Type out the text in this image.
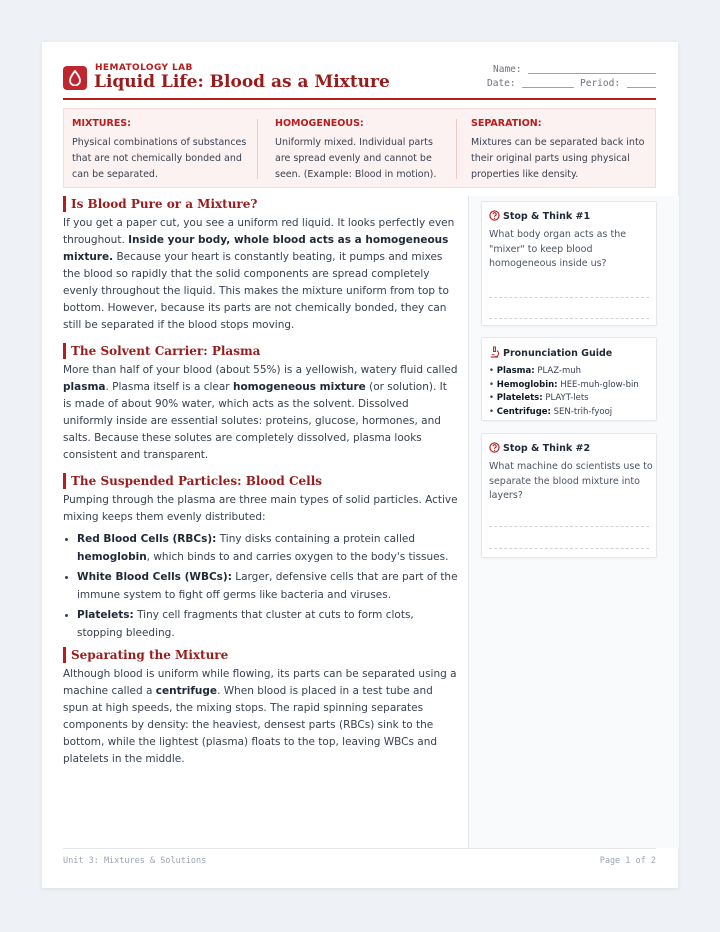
HEMATOLOGY LAB
Liquid Life: Blood as a Mixture
Name:
Date:	Period:
MIXTURES:
Physical combinations of substances that are not chemically bonded and can be separated.
HOMOGENEOUS:
Uniformly mixed. Individual parts are spread evenly and cannot be seen. (Example: Blood in motion).
SEPARATION:
Mixtures can be separated back into their original parts using physical properties like density.
Is Blood Pure or a Mixture?

If you get a paper cut, you see a uniform red liquid. It looks perfectly even throughout. Inside your body, whole blood acts as a homogeneous mixture. Because your heart is constantly beating, it pumps and mixes the blood so rapidly that the solid components are spread completely evenly throughout the liquid. This makes the mixture uniform from top to bottom. However, because its parts are not chemically bonded, they can still be separated if the blood stops moving.

The Solvent Carrier: Plasma

More than half of your blood (about 55%) is a yellowish, watery fluid called plasma. Plasma itself is a clear homogeneous mixture (or solution). It is made of about 90% water, which acts as the solvent. Dissolved uniformly inside are essential solutes: proteins, glucose, hormones, and salts. Because these solutes are completely dissolved, plasma looks consistent and transparent.

The Suspended Particles: Blood Cells

Pumping through the plasma are three main types of solid particles. Active mixing keeps them evenly distributed:

• Red Blood Cells (RBCs): Tiny disks containing a protein called hemoglobin, which binds to and carries oxygen to the body's tissues.
• White Blood Cells (WBCs): Larger, defensive cells that are part of the immune system to fight off germs like bacteria and viruses.
• Platelets: Tiny cell fragments that cluster at cuts to form clots, stopping bleeding.
Separating the Mixture

Although blood is uniform while flowing, its parts can be separated using a machine called a centrifuge. When blood is placed in a test tube and spun at high speeds, the mixing stops. The rapid spinning separates components by density: the heaviest, densest parts (RBCs) sink to the bottom, while the lightest (plasma) floats to the top, leaving WBCs and platelets in the middle.

Stop & Think #1
What body organ acts as the "mixer" to keep blood homogeneous inside us?
Pronunciation Guide
• Plasma: PLAZ-muh
• Hemoglobin: HEE-muh-glow-bin
• Platelets: PLAYT-lets
• Centrifuge: SEN-trih-fyooj
Stop & Think #2
What machine do scientists use to separate the blood mixture into layers?
Unit 3: Mixtures & Solutions	Page 1 of 2
